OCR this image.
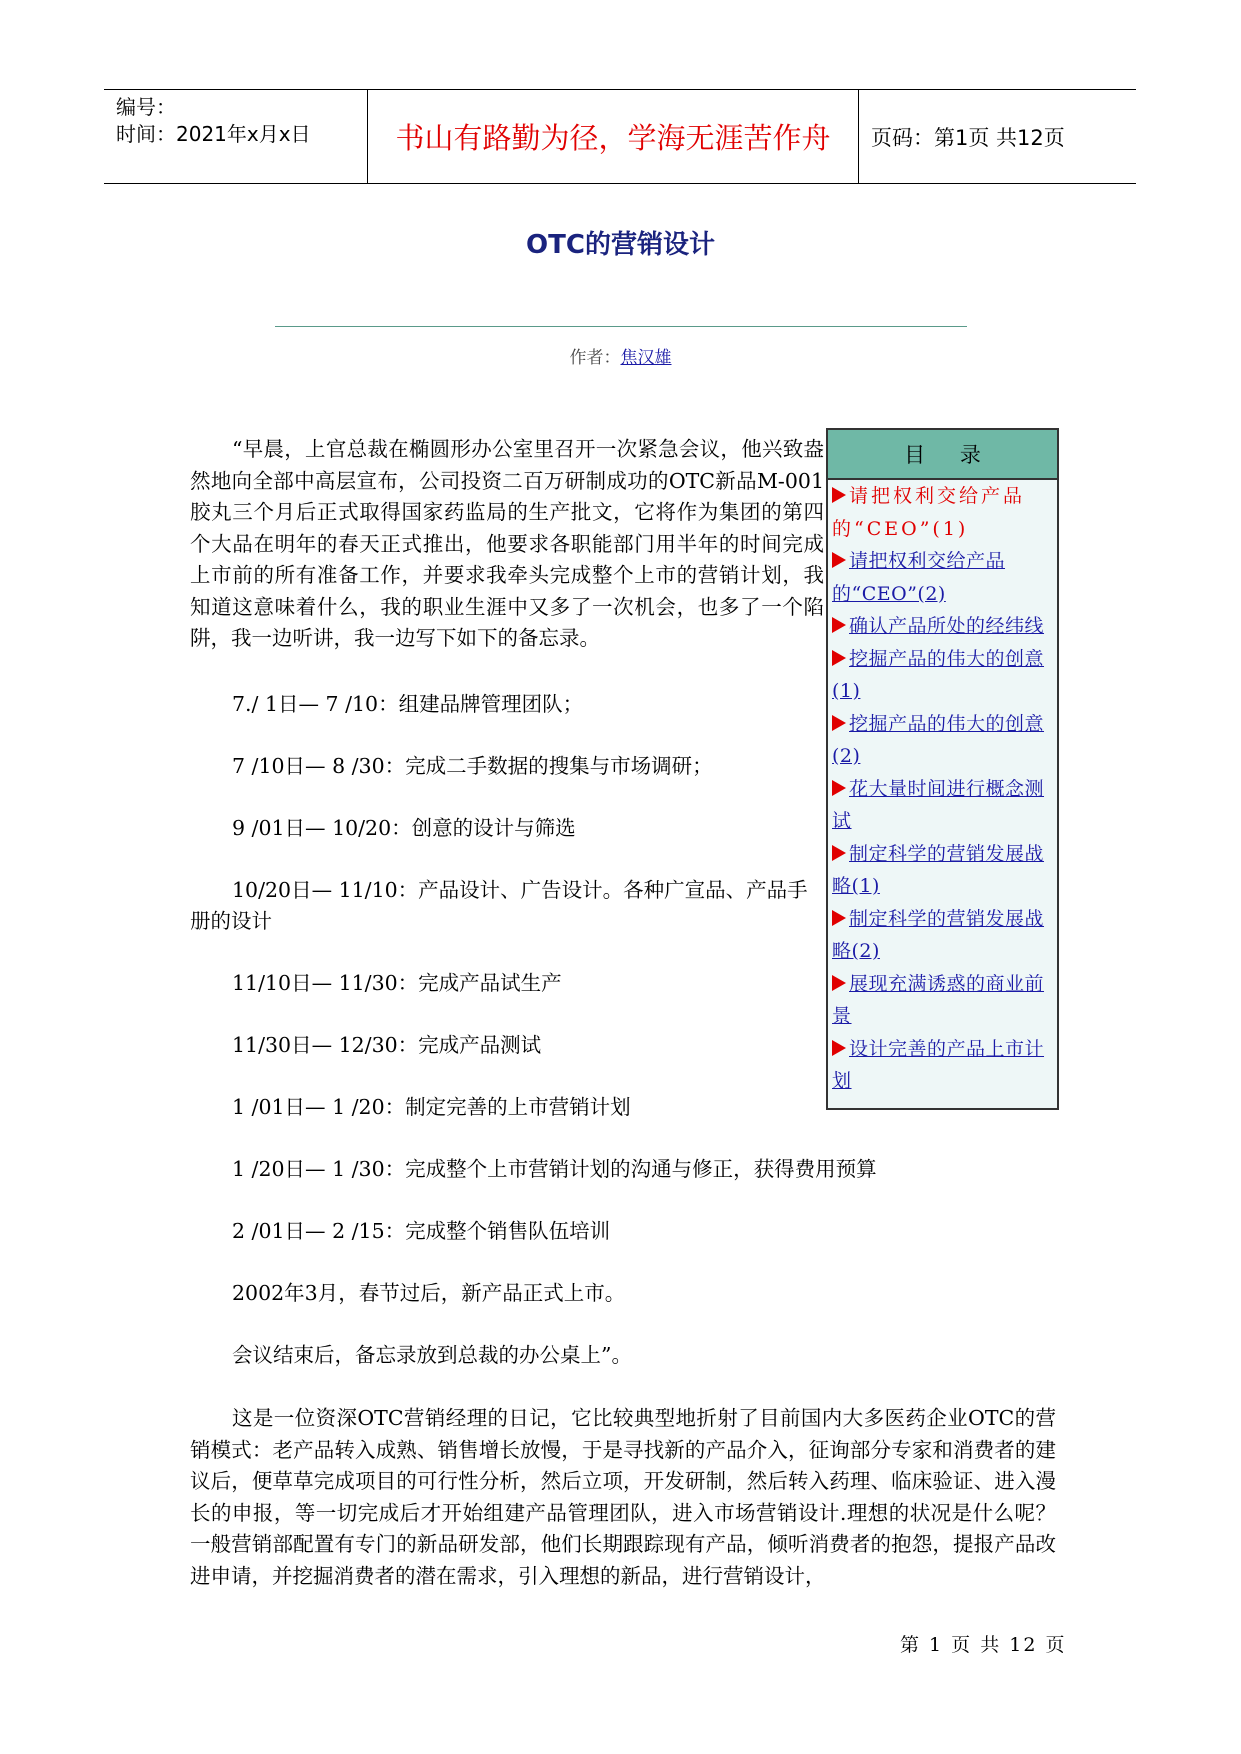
编号：
时间：2021年x月x日	书山有路勤为径，学海无涯苦作舟	页码：第1页 共12页
OTC的营销设计
作者：焦汉雄

“早晨，上官总裁在椭圆形办公室里召开一次紧急会议，他兴致盎然地向全部中高层宣布，公司投资二百万研制成功的OTC新品M-001胶丸三个月后正式取得国家药监局的生产批文，它将作为集团的第四个大品在明年的春天正式推出，他要求各职能部门用半年的时间完成上市前的所有准备工作，并要求我牵头完成整个上市的营销计划，我知道这意味着什么，我的职业生涯中又多了一次机会，也多了一个陷阱，我一边听讲，我一边写下如下的备忘录。

7./ 1日— 7 /10：组建品牌管理团队；

7 /10日— 8 /30：完成二手数据的搜集与市场调研；

9 /01日— 10/20：创意的设计与筛选

10/20日— 11/10：产品设计、广告设计。各种广宣品、产品手

册的设计

11/10日— 11/30：完成产品试生产

11/30日— 12/30：完成产品测试

1 /01日— 1 /20：制定完善的上市营销计划

1 /20日— 1 /30：完成整个上市营销计划的沟通与修正，获得费用预算

2 /01日— 2 /15：完成整个销售队伍培训

2002年3月，春节过后，新产品正式上市。

会议结束后，备忘录放到总裁的办公桌上”。

这是一位资深OTC营销经理的日记，它比较典型地折射了目前国内大多医药企业OTC的营销模式：老产品转入成熟、销售增长放慢，于是寻找新的产品介入，征询部分专家和消费者的建议后，便草草完成项目的可行性分析，然后立项，开发研制，然后转入药理、临床验证、进入漫长的申报，等一切完成后才开始组建产品管理团队，进入市场营销设计.理想的状况是什么呢？一般营销部配置有专门的新品研发部，他们长期跟踪现有产品，倾听消费者的抱怨，提报产品改进申请，并挖掘消费者的潜在需求，引入理想的新品，进行营销设计，

目 录
请把权利交给产品的“CEO”(1)
请把权利交给产品的“CEO”(2)
确认产品所处的经纬线
挖掘产品的伟大的创意(1)
挖掘产品的伟大的创意(2)
花大量时间进行概念测试
制定科学的营销发展战略(1)
制定科学的营销发展战略(2)
展现充满诱惑的商业前景
设计完善的产品上市计划
第 1 页 共 12 页
